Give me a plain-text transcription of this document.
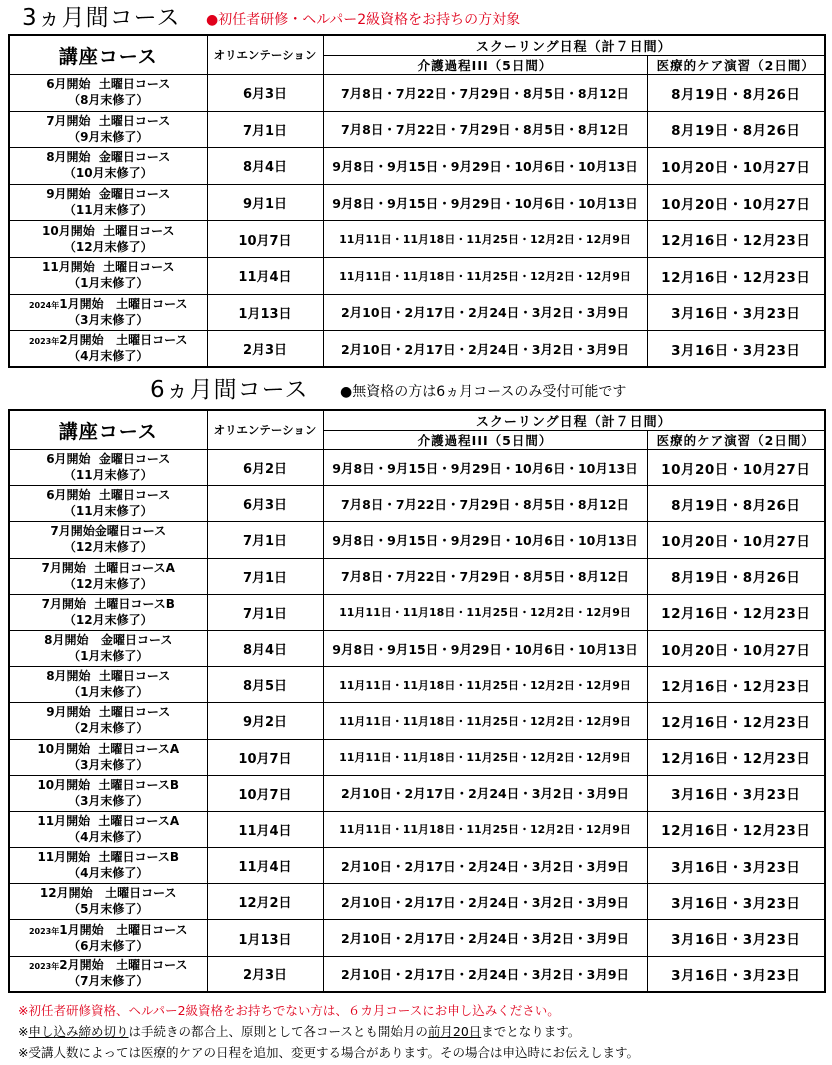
3ヵ月間コース ●初任者研修・ヘルパー2級資格をお持ちの方対象
講座コース	オリエンテーション	スクーリング日程（計７日間）	
		介護過程III（5日間）	医療的ケア演習（2日間）

6月開始  土曜日コース
（8月末修了）	6月3日	7月8日・7月22日・7月29日・8月5日・8月12日	8月19日・8月26日

7月開始  土曜日コース
（9月末修了）	7月1日	7月8日・7月22日・7月29日・8月5日・8月12日	8月19日・8月26日

8月開始  金曜日コース
（10月末修了）	8月4日	9月8日・9月15日・9月29日・10月6日・10月13日	10月20日・10月27日

9月開始  金曜日コース
（11月末修了）	9月1日	9月8日・9月15日・9月29日・10月6日・10月13日	10月20日・10月27日

10月開始  土曜日コース
（12月末修了）	10月7日	11月11日・11月18日・11月25日・12月2日・12月9日	12月16日・12月23日

11月開始  土曜日コース
（1月末修了）	11月4日	11月11日・11月18日・11月25日・12月2日・12月9日	12月16日・12月23日

2024年1月開始   土曜日コース
（3月末修了）	1月13日	2月10日・2月17日・2月24日・3月2日・3月9日	3月16日・3月23日

2023年2月開始   土曜日コース
（4月末修了）	2月3日	2月10日・2月17日・2月24日・3月2日・3月9日	3月16日・3月23日
6ヵ月間コース ●無資格の方は6ヵ月コースのみ受付可能です
講座コース	オリエンテーション	スクーリング日程（計７日間）	
		介護過程III（5日間）	医療的ケア演習（2日間）

6月開始  金曜日コース
（11月末修了）	6月2日	9月8日・9月15日・9月29日・10月6日・10月13日	10月20日・10月27日

6月開始  土曜日コース
（11月末修了）	6月3日	7月8日・7月22日・7月29日・8月5日・8月12日	8月19日・8月26日

7月開始金曜日コース
（12月末修了）	7月1日	9月8日・9月15日・9月29日・10月6日・10月13日	10月20日・10月27日

7月開始  土曜日コースA
（12月末修了）	7月1日	7月8日・7月22日・7月29日・8月5日・8月12日	8月19日・8月26日

7月開始  土曜日コースB
（12月末修了）	7月1日	11月11日・11月18日・11月25日・12月2日・12月9日	12月16日・12月23日

8月開始   金曜日コース
（1月末修了）	8月4日	9月8日・9月15日・9月29日・10月6日・10月13日	10月20日・10月27日

8月開始  土曜日コース
（1月末修了）	8月5日	11月11日・11月18日・11月25日・12月2日・12月9日	12月16日・12月23日

9月開始  土曜日コース
（2月末修了）	9月2日	11月11日・11月18日・11月25日・12月2日・12月9日	12月16日・12月23日

10月開始  土曜日コースA
（3月末修了）	10月7日	11月11日・11月18日・11月25日・12月2日・12月9日	12月16日・12月23日

10月開始  土曜日コースB
（3月末修了）	10月7日	2月10日・2月17日・2月24日・3月2日・3月9日	3月16日・3月23日

11月開始  土曜日コースA
（4月末修了）	11月4日	11月11日・11月18日・11月25日・12月2日・12月9日	12月16日・12月23日

11月開始  土曜日コースB
（4月末修了）	11月4日	2月10日・2月17日・2月24日・3月2日・3月9日	3月16日・3月23日

12月開始   土曜日コース
（5月末修了）	12月2日	2月10日・2月17日・2月24日・3月2日・3月9日	3月16日・3月23日

2023年1月開始   土曜日コース
（6月末修了）	1月13日	2月10日・2月17日・2月24日・3月2日・3月9日	3月16日・3月23日

2023年2月開始   土曜日コース
（7月末修了）	2月3日	2月10日・2月17日・2月24日・3月2日・3月9日	3月16日・3月23日
※初任者研修資格、ヘルパー2級資格をお持ちでない方は、６カ月コースにお申し込みください。
※申し込み締め切りは手続きの都合上、原則として各コースとも開始月の前月20日までとなります。
※受講人数によっては医療的ケアの日程を追加、変更する場合があります。その場合は申込時にお伝えします。
